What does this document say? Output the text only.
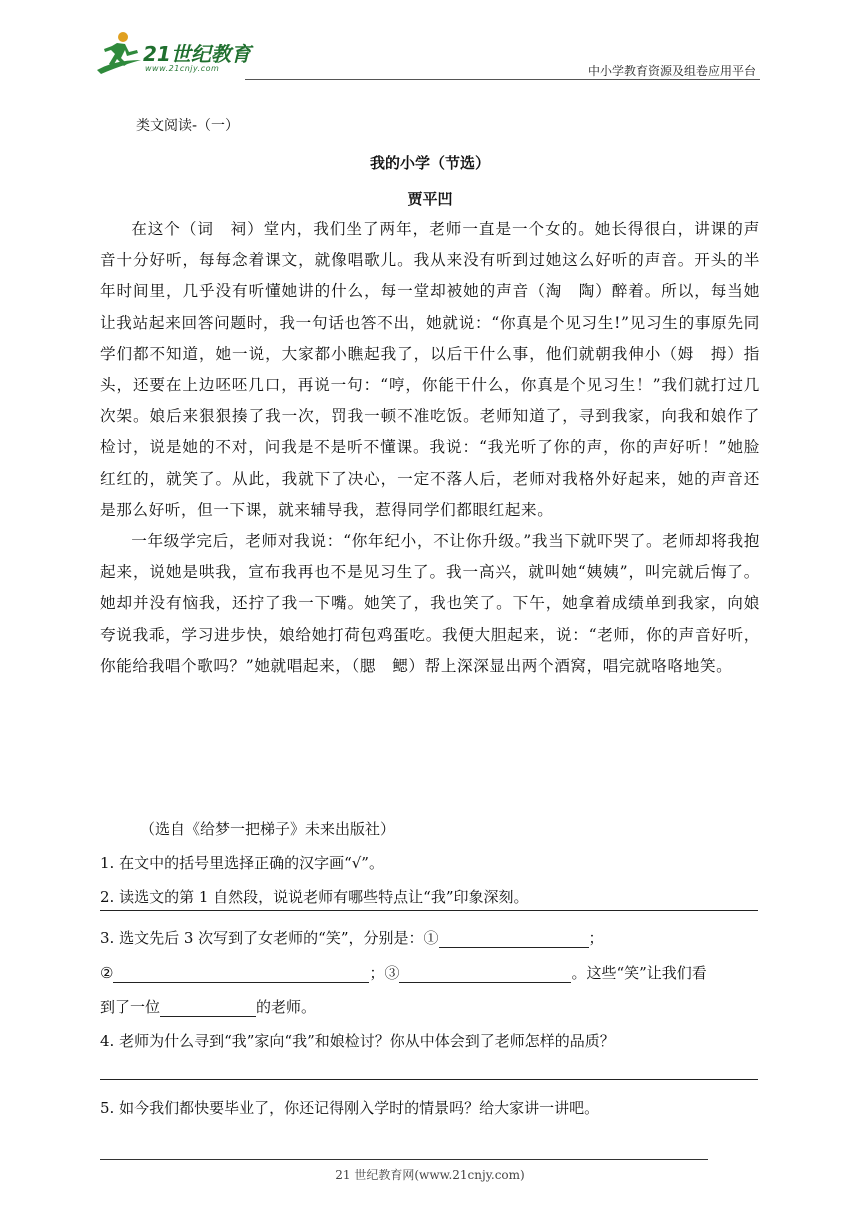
21世纪教育
www.21cnjy.com	中小学教育资源及组卷应用平台
类文阅读-（一）
我的小学（节选）
贾平凹

在这个（词　祠）堂内，我们坐了两年，老师一直是一个女的。她长得很白，讲课的声音十分好听，每每念着课文，就像唱歌儿。我从来没有听到过她这么好听的声音。开头的半年时间里，几乎没有听懂她讲的什么，每一堂却被她的声音（淘　陶）醉着。所以，每当她让我站起来回答问题时，我一句话也答不出，她就说：“你真是个见习生!”见习生的事原先同学们都不知道，她一说，大家都小瞧起我了，以后干什么事，他们就朝我伸小（姆　拇）指头，还要在上边呸呸几口，再说一句：“哼，你能干什么，你真是个见习生！”我们就打过几次架。娘后来狠狠揍了我一次，罚我一顿不准吃饭。老师知道了，寻到我家，向我和娘作了检讨，说是她的不对，问我是不是听不懂课。我说：“我光听了你的声，你的声好听！”她脸红红的，就笑了。从此，我就下了决心，一定不落人后，老师对我格外好起来，她的声音还是那么好听，但一下课，就来辅导我，惹得同学们都眼红起来。

一年级学完后，老师对我说：“你年纪小，不让你升级。”我当下就吓哭了。老师却将我抱起来，说她是哄我，宣布我再也不是见习生了。我一高兴，就叫她“姨姨”，叫完就后悔了。她却并没有恼我，还拧了我一下嘴。她笑了，我也笑了。下午，她拿着成绩单到我家，向娘夸说我乖，学习进步快，娘给她打荷包鸡蛋吃。我便大胆起来，说：“老师，你的声音好听，你能给我唱个歌吗？”她就唱起来，（腮　鳃）帮上深深显出两个酒窝，唱完就咯咯地笑。

（选自《给梦一把梯子》未来出版社）
1. 在文中的括号里选择正确的汉字画“√”。
2. 读选文的第 1 自然段，说说老师有哪些特点让“我”印象深刻。
3. 选文先后 3 次写到了女老师的“笑”，分别是：①	；
②	；③	。这些“笑”让我们看
到了一位	的老师。
4. 老师为什么寻到“我”家向“我”和娘检讨？你从中体会到了老师怎样的品质？
5. 如今我们都快要毕业了，你还记得刚入学时的情景吗？给大家讲一讲吧。
21 世纪教育网(www.21cnjy.com)
